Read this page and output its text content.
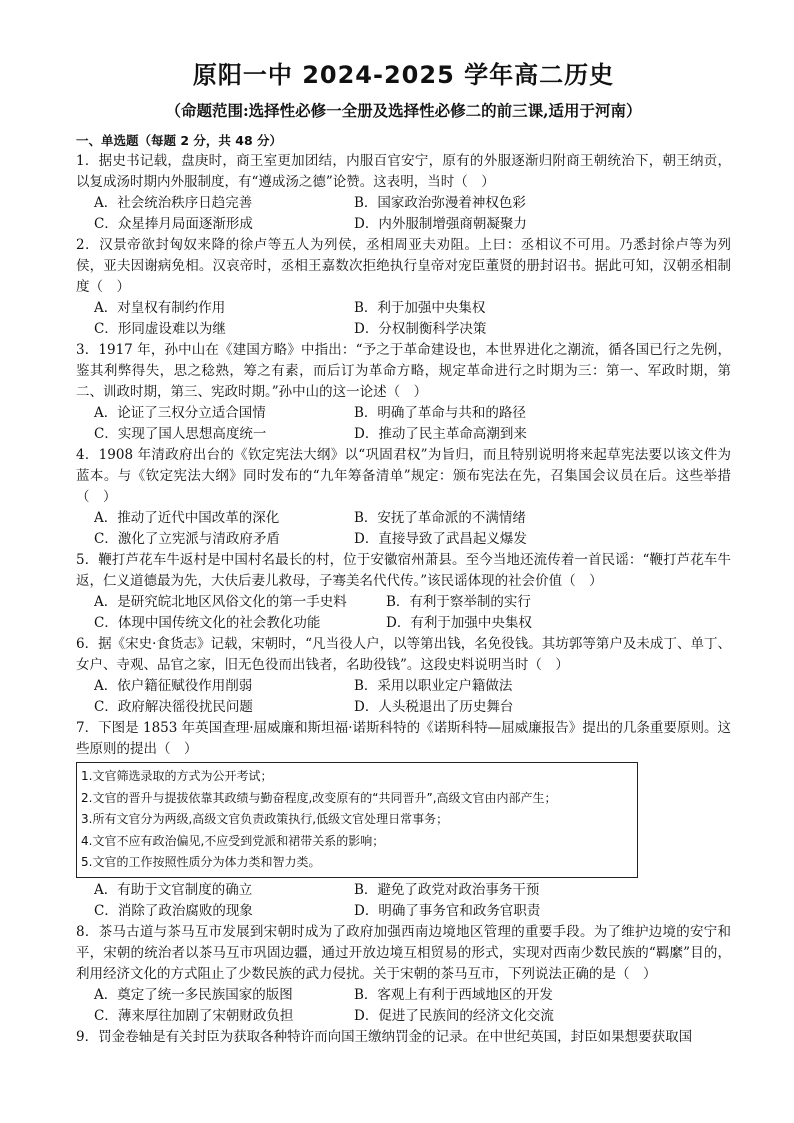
原阳一中 2024-2025 学年高二历史
（命题范围:选择性必修一全册及选择性必修二的前三课,适用于河南）
一、单选题（每题 2 分，共 48 分）

1．据史书记载，盘庚时，商王室更加团结，内服百官安宁，原有的外服逐渐归附商王朝统治下，朝王纳贡，以复成汤时期内外服制度，有“遵成汤之德”论赞。这表明，当时（　）

A．社会统治秩序日趋完善	B．国家政治弥漫着神权色彩
C．众星捧月局面逐渐形成	D．内外服制增强商朝凝聚力

2．汉景帝欲封匈奴来降的徐卢等五人为列侯，丞相周亚夫劝阻。上曰：丞相议不可用。乃悉封徐卢等为列侯，亚夫因谢病免相。汉哀帝时，丞相王嘉数次拒绝执行皇帝对宠臣董贤的册封诏书。据此可知，汉朝丞相制度（　）

A．对皇权有制约作用	B．利于加强中央集权
C．形同虚设难以为继	D．分权制衡科学决策

3．1917 年，孙中山在《建国方略》中指出：“予之于革命建设也，本世界进化之潮流，循各国已行之先例，鉴其利弊得失，思之稔熟，筹之有素，而后订为革命方略，规定革命进行之时期为三：第一、军政时期，第二、训政时期，第三、宪政时期。”孙中山的这一论述（　）

A．论证了三权分立适合国情	B．明确了革命与共和的路径
C．实现了国人思想高度统一	D．推动了民主革命高潮到来

4．1908 年清政府出台的《钦定宪法大纲》以“巩固君权”为旨归，而且特别说明将来起草宪法要以该文件为蓝本。与《钦定宪法大纲》同时发布的“九年筹备清单”规定：颁布宪法在先，召集国会议员在后。这些举措（　）

A．推动了近代中国改革的深化	B．安抚了革命派的不满情绪
C．激化了立宪派与清政府矛盾	D．直接导致了武昌起义爆发

5．鞭打芦花车牛返村是中国村名最长的村，位于安徽宿州萧县。至今当地还流传着一首民谣：“鞭打芦花车牛返，仁义道德最为先，大伕后妻儿救母，子骞美名代代传。”该民谣体现的社会价值（　）

A．是研究皖北地区风俗文化的第一手史料	B．有利于察举制的实行
C．体现中国传统文化的社会教化功能	D．有利于加强中央集权

6．据《宋史·食货志》记载，宋朝时，“凡当役人户，以等第出钱，名免役钱。其坊郭等第户及未成丁、单丁、女户、寺观、品官之家，旧无色役而出钱者，名助役钱”。这段史料说明当时（　）

A．依户籍征赋役作用削弱	B．采用以职业定户籍做法
C．政府解决徭役扰民问题	D．人头税退出了历史舞台

7．下图是 1853 年英国查理·屈威廉和斯坦福·诺斯科特的《诺斯科特—屈威廉报告》提出的几条重要原则。这些原则的提出（　）

1.文官筛选录取的方式为公开考试；
2.文官的晋升与提拔依靠其政绩与勤奋程度,改变原有的“共同晋升”,高级文官由内部产生；
3.所有文官分为两级,高级文官负责政策执行,低级文官处理日常事务；
4.文官不应有政治偏见,不应受到党派和裙带关系的影响；
5.文官的工作按照性质分为体力类和智力类。
A．有助于文官制度的确立	B．避免了政党对政治事务干预
C．消除了政治腐败的现象	D．明确了事务官和政务官职责

8．茶马古道与茶马互市发展到宋朝时成为了政府加强西南边境地区管理的重要手段。为了维护边境的安宁和平，宋朝的统治者以茶马互市巩固边疆，通过开放边境互相贸易的形式，实现对西南少数民族的“羁縻”目的，利用经济文化的方式阻止了少数民族的武力侵扰。关于宋朝的茶马互市，下列说法正确的是（　）

A．奠定了统一多民族国家的版图	B．客观上有利于西域地区的开发
C．薄来厚往加剧了宋朝财政负担	D．促进了民族间的经济文化交流

9．罚金卷轴是有关封臣为获取各种特许而向国王缴纳罚金的记录。在中世纪英国，封臣如果想要获取国
